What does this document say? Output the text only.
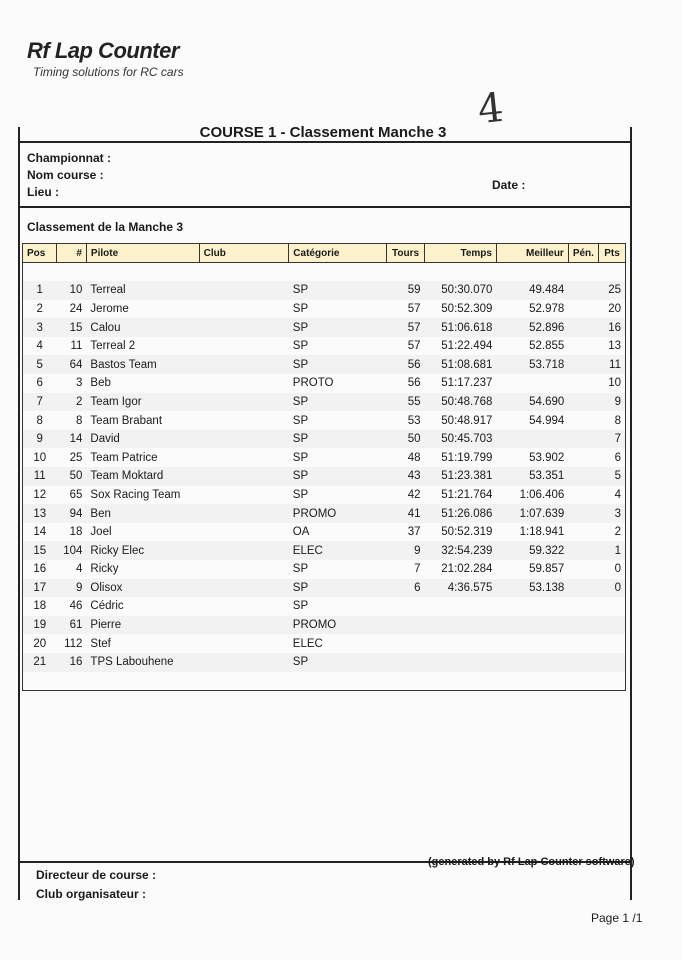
Rf Lap Counter
Timing solutions for RC cars
COURSE 1 - Classement Manche 3 4
Championnat :
Nom course :
Lieu :	Date :
Classement de la Manche 3
Pos	#	Pilote	Club	Catégorie	Tours	Temps	Meilleur	Pén.	Pts

1	10	Terreal		SP	59	50:30.070	49.484		25
2	24	Jerome		SP	57	50:52.309	52.978		20
3	15	Calou		SP	57	51:06.618	52.896		16
4	11	Terreal 2		SP	57	51:22.494	52.855		13
5	64	Bastos Team		SP	56	51:08.681	53.718		11
6	3	Beb		PROTO	56	51:17.237			10
7	2	Team Igor		SP	55	50:48.768	54.690		9
8	8	Team Brabant		SP	53	50:48.917	54.994		8
9	14	David		SP	50	50:45.703			7
10	25	Team Patrice		SP	48	51:19.799	53.902		6
11	50	Team Moktard		SP	43	51:23.381	53.351		5
12	65	Sox Racing Team		SP	42	51:21.764	1:06.406		4
13	94	Ben		PROMO	41	51:26.086	1:07.639		3
14	18	Joel		OA	37	50:52.319	1:18.941		2
15	104	Ricky Elec		ELEC	9	32:54.239	59.322		1
16	4	Ricky		SP	7	21:02.284	59.857		0
17	9	Olisox		SP	6	4:36.575	53.138		0
18	46	Cédric		SP					
19	61	Pierre		PROMO					
20	112	Stef		ELEC					
21	16	TPS Labouhene		SP					

(generated by Rf Lap Counter software)
Directeur de course :
Club organisateur :
Page 1 /1
